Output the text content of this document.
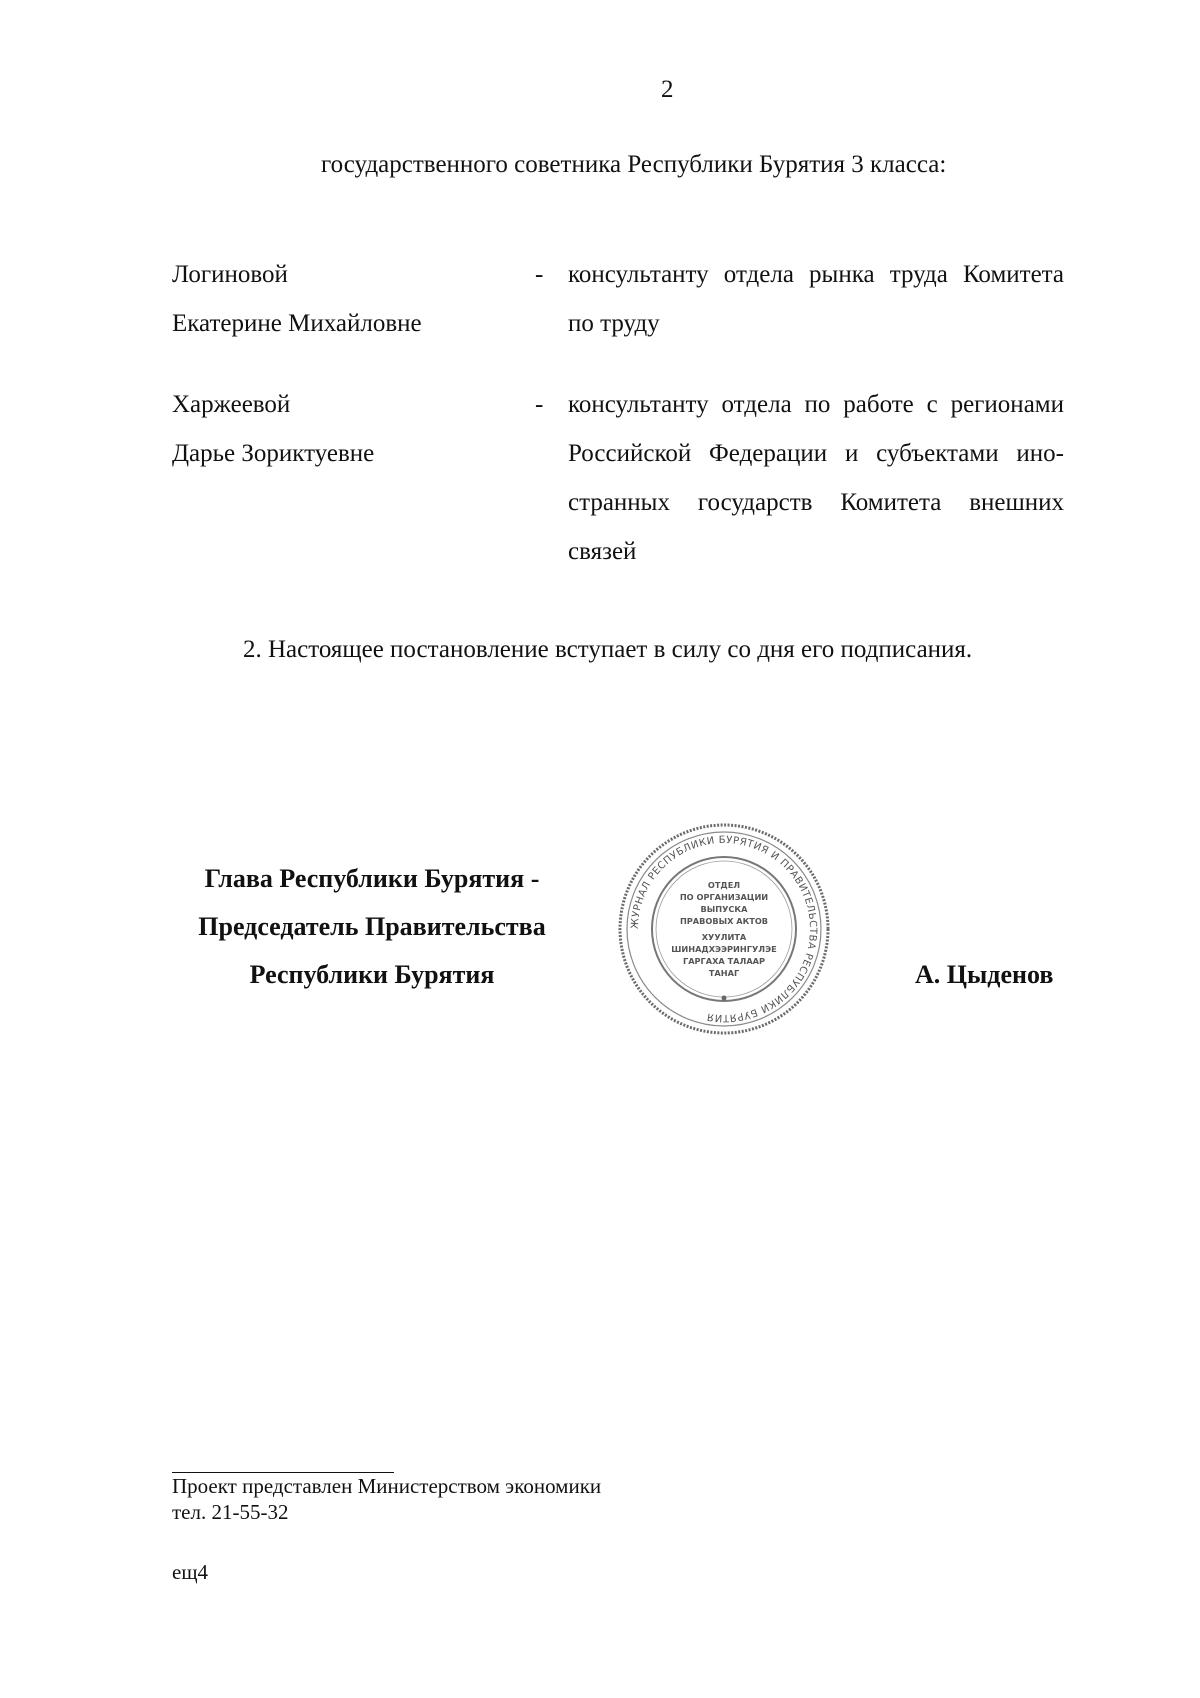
2
государственного советника Республики Бурятия 3 класса:
Логиновой
Екатерине Михайловне
- консультанту отдела рынка труда Комитета
по труду
Харжеевой
Дарье Зориктуевне
- консультанту отдела по работе с регионами
Российской Федерации и субъектами ино-
странных государств Комитета внешних
связей
2. Настоящее постановление вступает в силу со дня его подписания.
Глава Республики Бурятия -
Председатель Правительства
Республики Бурятия	А. Цыденов
ЖУРНАЛ РЕСПУБЛИКИ БУРЯТИЯ И ПРАВИТЕЛЬСТВА РЕСПУБЛИКИ БУРЯТИЯ
ОТДЕЛ
ПО ОРГАНИЗАЦИИ
ВЫПУСКА
ПРАВОВЫХ АКТОВ
ХУУЛИТА
ШИНАДХЭЭРИНГУЛЭЕ
ГАРГАХА ТАЛААР
ТАНАГ
Проект представлен Министерством экономики
тел. 21-55-32
ещ4
